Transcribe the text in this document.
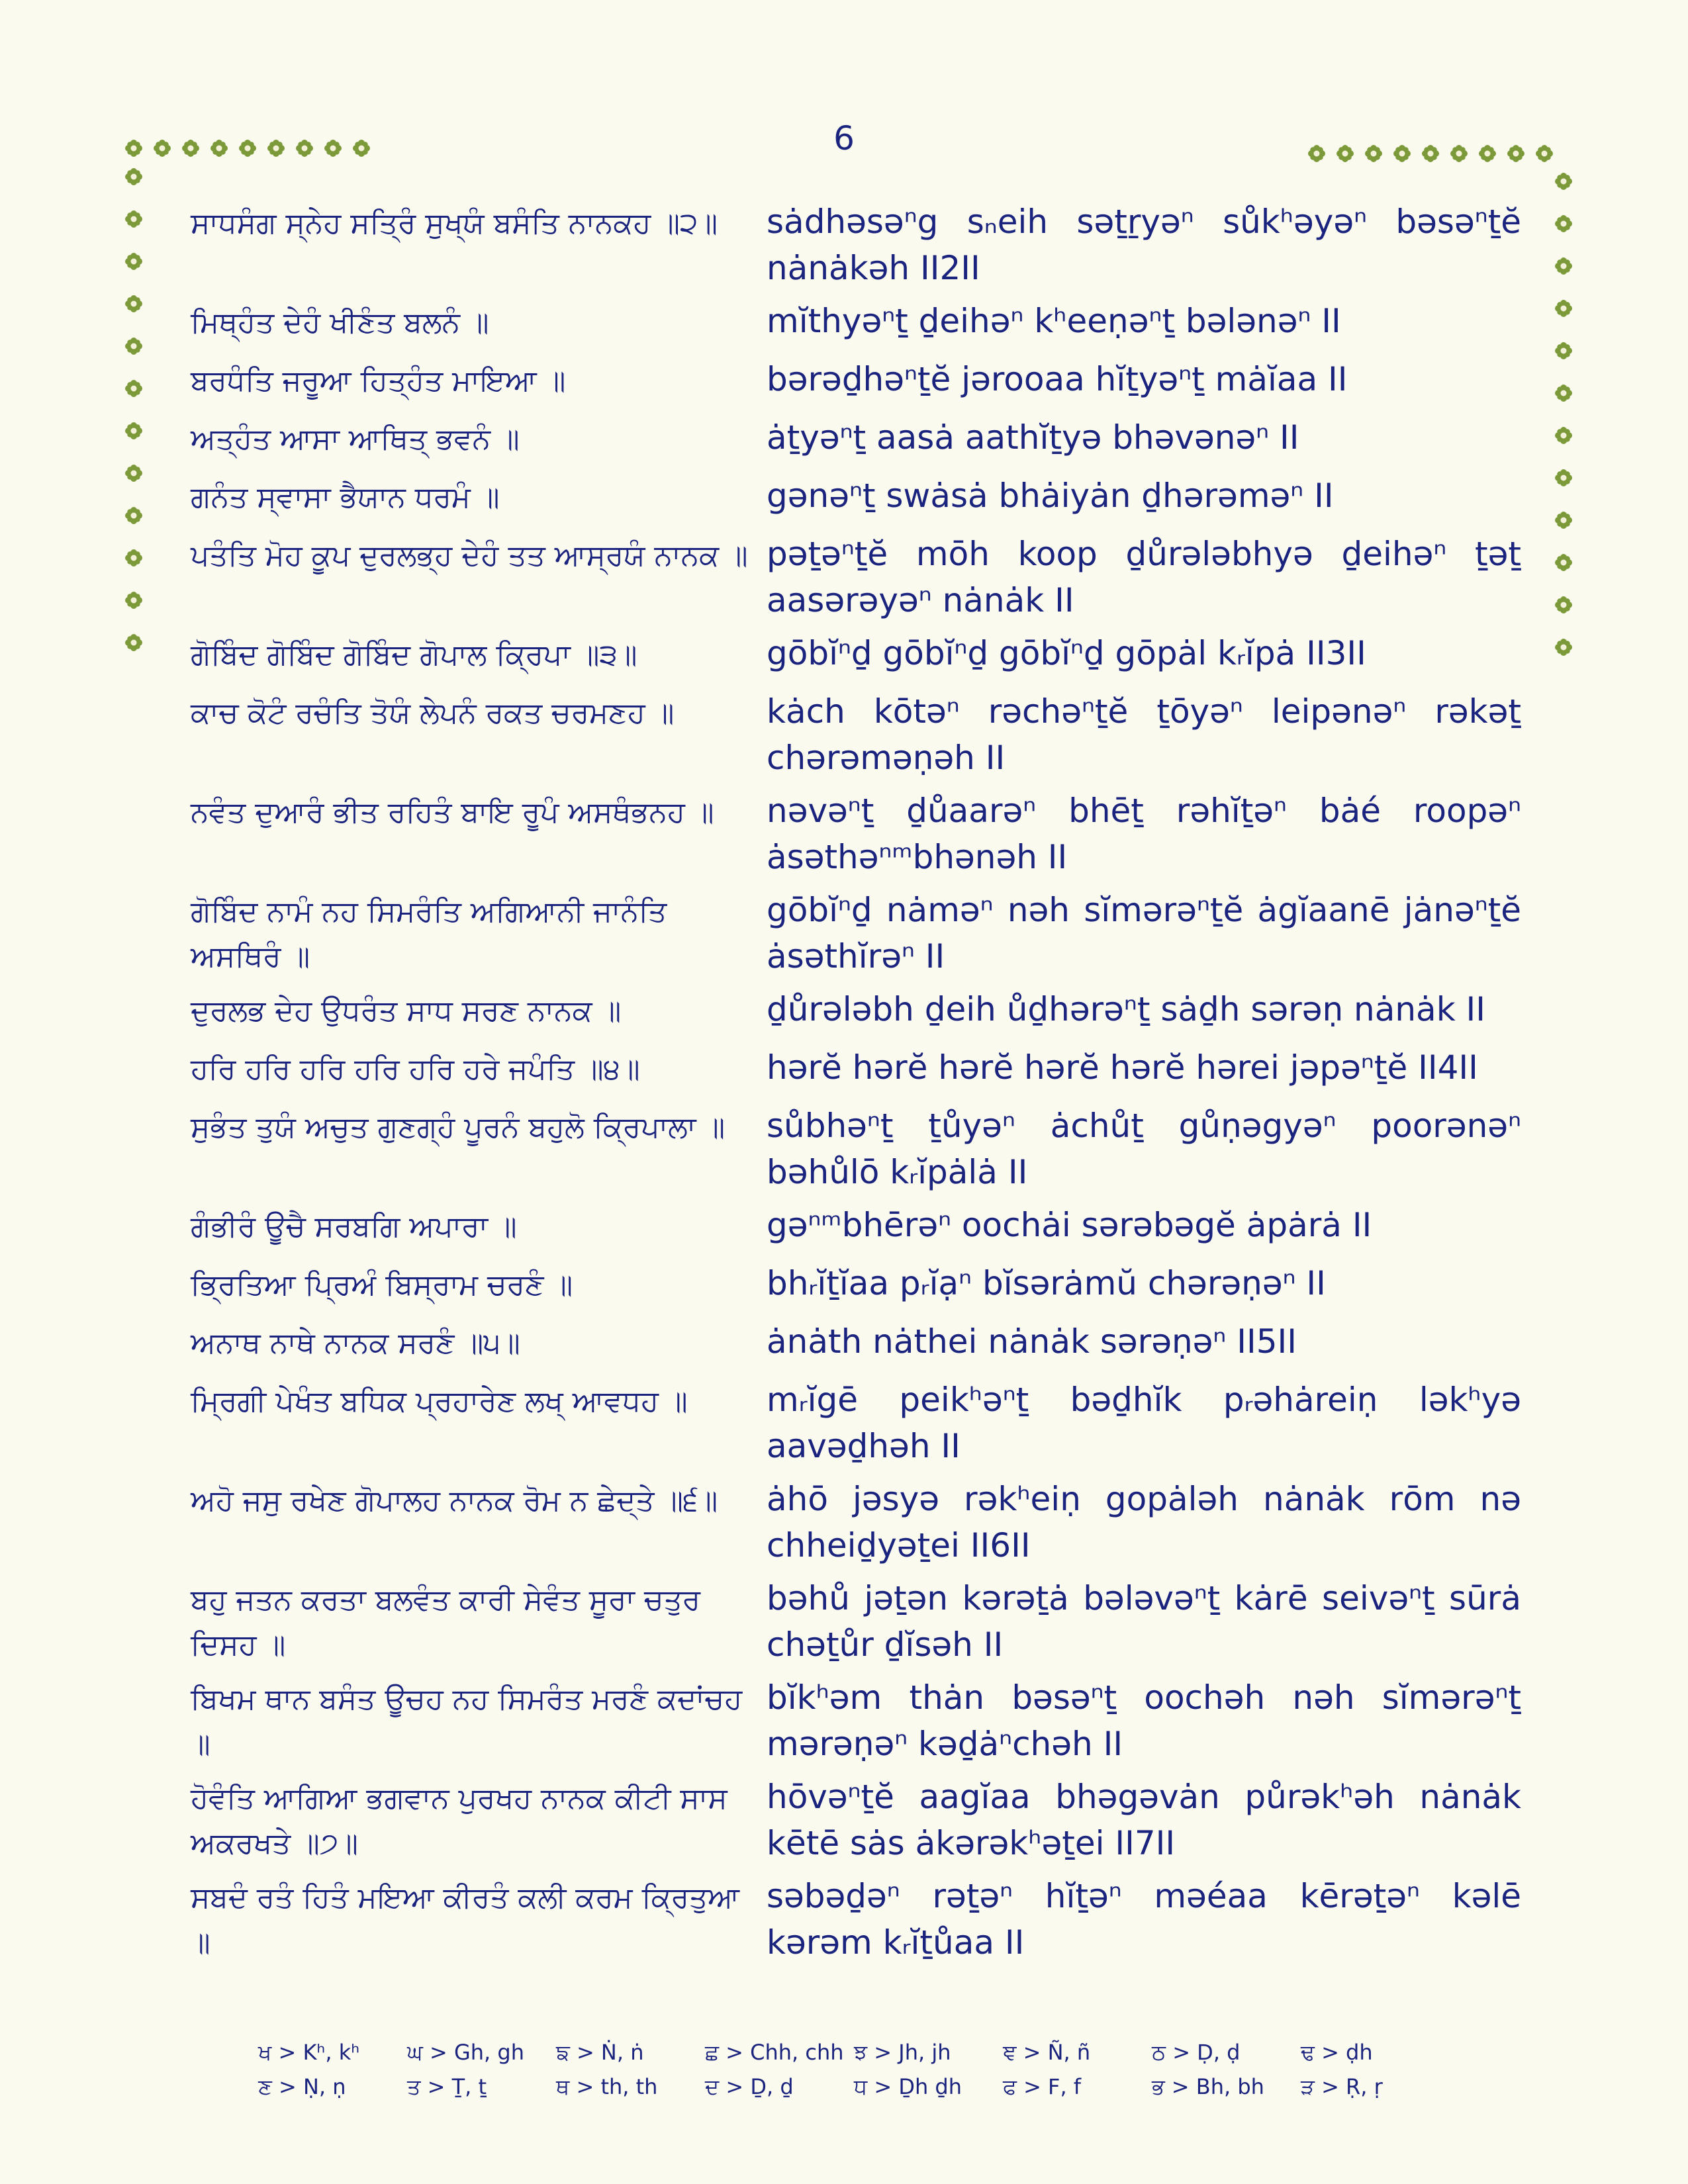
6
ਸਾਧਸੰਗ ਸ੍ਨੇਹ ਸਤ੍ਰਿੰ ਸੁਖ੍ਯੰ ਬਸੰਤਿ ਨਾਨਕਹ ॥੨॥	sȧdhəsəⁿg sₙeih səṯṟyəⁿ sůkʰəyəⁿ bəsəⁿṯĕ nȧnȧkəh II2II
ਮਿਥ੍ਹੰਤ ਦੇਹੰ ਖੀਣੰਤ ਬਲਨੰ ॥	mĭthyəⁿṯ ḏeihəⁿ kʰeeṇəⁿṯ bələnəⁿ II
ਬਰਧੰਤਿ ਜਰੂਆ ਹਿਤ੍ਹੰਤ ਮਾਇਆ ॥	bərəḏhəⁿṯĕ jərooaa hĭṯyəⁿṯ mȧĭaa II
ਅਤ੍ਹੰਤ ਆਸਾ ਆਥਿਤ੍ ਭਵਨੰ ॥	ȧṯyəⁿṯ aasȧ aathĭṯyə bhəvənəⁿ II
ਗਨੰਤ ਸ੍ਵਾਸਾ ਭੈਯਾਨ ਧਰਮੰ ॥	gənəⁿṯ swȧsȧ bhȧiyȧn ḏhərəməⁿ II
ਪਤੰਤਿ ਮੋਹ ਕੂਪ ਦੁਰਲਭ੍ਹ ਦੇਹੰ ਤਤ ਆਸ੍ਰਯੰ ਨਾਨਕ ॥ pəṯəⁿṯĕ mōh koop ḏůrələbhyə ḏeihəⁿ ṯəṯ aasərəyəⁿ nȧnȧk II
ਗੋਬਿੰਦ ਗੋਬਿੰਦ ਗੋਬਿੰਦ ਗੋਪਾਲ ਕ੍ਰਿਪਾ ॥੩॥	gōbĭⁿḏ gōbĭⁿḏ gōbĭⁿḏ gōpȧl kᵣĭpȧ II3II
ਕਾਚ ਕੋਟੰ ਰਚੰਤਿ ਤੋਯੰ ਲੇਪਨੰ ਰਕਤ ਚਰਮਣਹ ॥	kȧch kōtəⁿ rəchəⁿṯĕ ṯōyəⁿ leipənəⁿ rəkəṯ chərəməṇəh II
ਨਵੰਤ ਦੁਆਰੰ ਭੀਤ ਰਹਿਤੰ ਬਾਇ ਰੂਪੰ ਅਸਥੰਭਨਹ ॥	nəvəⁿṯ ḏůaarəⁿ bhēṯ rəhĭṯəⁿ bȧé roopəⁿ ȧsəthəⁿᵐbhənəh II
ਗੋਬਿੰਦ ਨਾਮੰ ਨਹ ਸਿਮਰੰਤਿ ਅਗਿਆਨੀ ਜਾਨੰਤਿ ਅਸਥਿਰੰ ॥
gōbĭⁿḏ nȧməⁿ nəh sĭmərəⁿṯĕ ȧgĭaanē jȧnəⁿṯĕ ȧsəthĭrəⁿ II
ਦੁਰਲਭ ਦੇਹ ਉਧਰੰਤ ਸਾਧ ਸਰਣ ਨਾਨਕ ॥	ḏůrələbh ḏeih ůḏhərəⁿṯ sȧḏh sərəṇ nȧnȧk II
ਹਰਿ ਹਰਿ ਹਰਿ ਹਰਿ ਹਰਿ ਹਰੇ ਜਪੰਤਿ ॥੪॥	hərĕ hərĕ hərĕ hərĕ hərĕ hərei jəpəⁿṯĕ II4II
ਸੁਭੰਤ ਤੁਯੰ ਅਚੁਤ ਗੁਣਗ੍ਹੰ ਪੂਰਨੰ ਬਹੁਲੋ ਕ੍ਰਿਪਾਲਾ ॥	sůbhəⁿṯ ṯůyəⁿ ȧchůṯ gůṇəgyəⁿ poorənəⁿ bəhůlō kᵣĭpȧlȧ II
ਗੰਭੀਰੰ ਊਚੈ ਸਰਬਗਿ ਅਪਾਰਾ ॥	gəⁿᵐbhērəⁿ oochȧi sərəbəgĕ ȧpȧrȧ II
ਭ੍ਰਿਤਿਆ ਪ੍ਰਿਅੰ ਬਿਸ੍ਰਾਮ ਚਰਣੰ ॥	bhᵣĭṯĭaa pᵣĭạⁿ bĭsərȧmŭ chərəṇəⁿ II
ਅਨਾਥ ਨਾਥੇ ਨਾਨਕ ਸਰਣੰ ॥੫॥	ȧnȧth nȧthei nȧnȧk sərəṇəⁿ II5II
ਮ੍ਰਿਗੀ ਪੇਖੰਤ ਬਧਿਕ ਪ੍ਰਹਾਰੇਣ ਲਖ੍ ਆਵਧਹ ॥	mᵣĭgē peikʰəⁿṯ bəḏhĭk pᵣəhȧreiṇ ləkʰyə aavəḏhəh II
ਅਹੋ ਜਸੁ ਰਖੇਣ ਗੋਪਾਲਹ ਨਾਨਕ ਰੋਮ ਨ ਛੇਦ੍ਤੇ ॥੬॥	ȧhō jəsyə rəkʰeiṇ gopȧləh nȧnȧk rōm nə chheiḏyəṯei II6II
ਬਹੁ ਜਤਨ ਕਰਤਾ ਬਲਵੰਤ ਕਾਰੀ ਸੇਵੰਤ ਸੂਰਾ ਚਤੁਰ ਦਿਸਹ ॥
bəhů jəṯən kərəṯȧ bələvəⁿṯ kȧrē seivəⁿṯ sūrȧ chəṯůr ḏĭsəh II
ਬਿਖਮ ਥਾਨ ਬਸੰਤ ਊਚਹ ਨਹ ਸਿਮਰੰਤ ਮਰਣੰ ਕਦਾਂਚਹ ॥
bĭkʰəm thȧn bəsəⁿṯ oochəh nəh sĭmərəⁿṯ mərəṇəⁿ kəḏȧⁿchəh II
ਹੋਵੰਤਿ ਆਗਿਆ ਭਗਵਾਨ ਪੁਰਖਹ ਨਾਨਕ ਕੀਟੀ ਸਾਸ ਅਕਰਖਤੇ ॥੭॥
hōvəⁿṯĕ aagĭaa bhəgəvȧn půrəkʰəh nȧnȧk kētē sȧs ȧkərəkʰəṯei II7II
ਸਬਦੰ ਰਤੰ ਹਿਤੰ ਮਇਆ ਕੀਰਤੰ ਕਲੀ ਕਰਮ ਕ੍ਰਿਤੁਆ ॥
səbəḏəⁿ rəṯəⁿ hĭṯəⁿ məéaa kērəṯəⁿ kəlē kərəm kᵣĭṯůaa II
ਖ > Kʰ, kʰ	ਘ > Gh, gh	ਙ > Ṅ, ṅ	ਛ > Chh, chh ਝ > Jh, jh	ਞ > Ñ, ñ	ਠ > Ḍ, ḍ	ਢ > ḍh
ਣ > Ṇ, ṇ	ਤ > Ṯ, ṯ	ਥ > th, th	ਦ > Ḏ, ḏ	ਧ > Ḏh ḏh	ਫ > F, f	ਭ > Bh, bh	ੜ > Ṛ, ṛ
